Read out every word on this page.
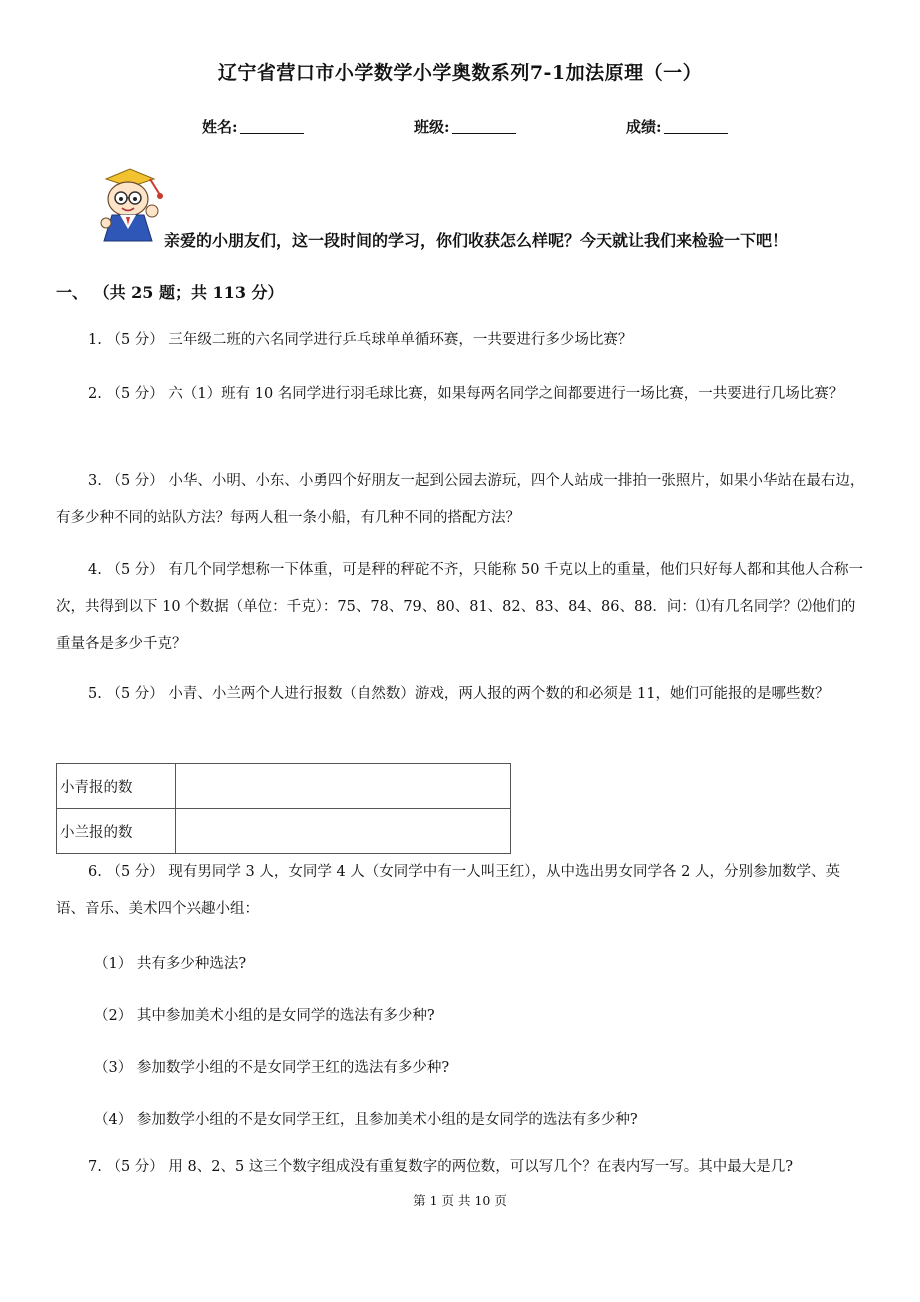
辽宁省营口市小学数学小学奥数系列7-1加法原理（一）
姓名:	班级:	成绩:
亲爱的小朋友们，这一段时间的学习，你们收获怎么样呢？今天就让我们来检验一下吧！
一、 （共 25 题；共 113 分）
1. （5 分） 三年级二班的六名同学进行乒乓球单单循环赛，一共要进行多少场比赛？
2. （5 分） 六（1）班有 10 名同学进行羽毛球比赛，如果每两名同学之间都要进行一场比赛，一共要进行几场比赛？
3. （5 分） 小华、小明、小东、小勇四个好朋友一起到公园去游玩，四个人站成一排拍一张照片，如果小华站在最右边，有多少种不同的站队方法？每两人租一条小船，有几种不同的搭配方法？
4. （5 分） 有几个同学想称一下体重，可是秤的秤砣不齐，只能称 50 千克以上的重量，他们只好每人都和其他人合称一次，共得到以下 10 个数据（单位：千克）：75、78、79、80、81、82、83、84、86、88．问：⑴有几名同学？⑵他们的重量各是多少千克？
5. （5 分） 小青、小兰两个人进行报数（自然数）游戏，两人报的两个数的和必须是 11，她们可能报的是哪些数？
小青报的数	
小兰报的数	
6. （5 分） 现有男同学 3 人，女同学 4 人（女同学中有一人叫王红），从中选出男女同学各 2 人，分别参加数学、英语、音乐、美术四个兴趣小组：
（1） 共有多少种选法?
（2） 其中参加美术小组的是女同学的选法有多少种?
（3） 参加数学小组的不是女同学王红的选法有多少种?
（4） 参加数学小组的不是女同学王红，且参加美术小组的是女同学的选法有多少种?
7. （5 分） 用 8、2、5 这三个数字组成没有重复数字的两位数，可以写几个？在表内写一写。其中最大是几?
第 1 页 共 10 页
